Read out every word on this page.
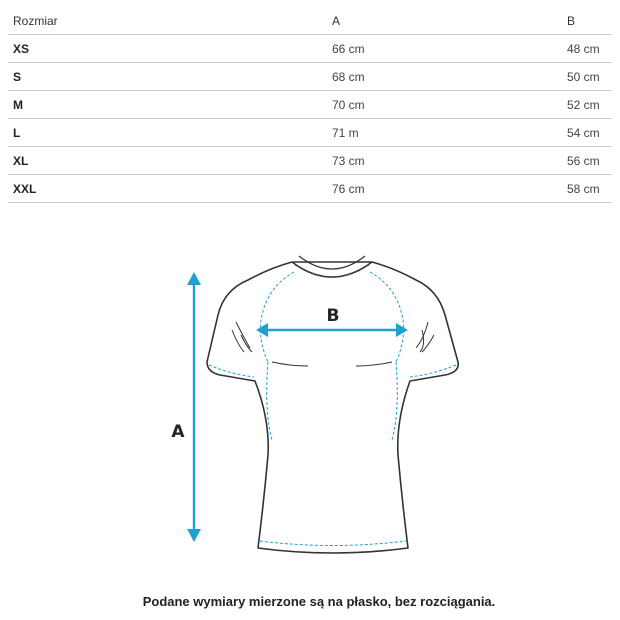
Rozmiar	A	B
XS	66 cm	48 cm
S	68 cm	50 cm
M	70 cm	52 cm
L	71 m	54 cm
XL	73 cm	56 cm
XXL	76 cm	58 cm
B
A
Podane wymiary mierzone są na płasko, bez rozciągania.
